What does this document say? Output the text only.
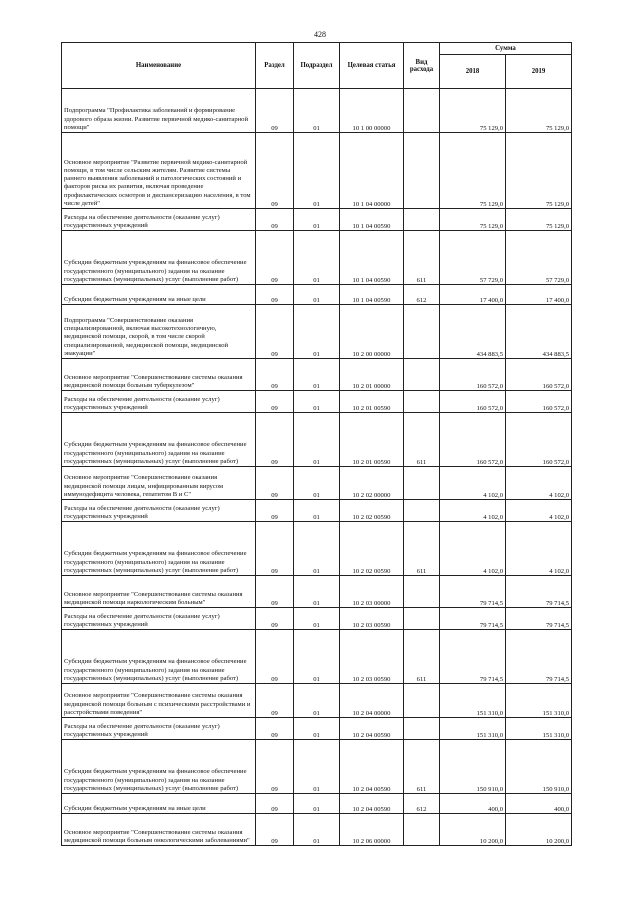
428
Наименование	Раздел	Подраздел	Целевая статья	Вид расхода	Сумма	
					2018	2019
Подпрограмма "Профилактика заболеваний и формирование здорового образа жизни. Развитие первичной медико-санитарной помощи"	09	01	10 1 00 00000		75 129,0	75 129,0
Основное мероприятие "Развитие первичной медико-санитарной помощи, в том числе сельским жителям. Развитие системы раннего выявления заболеваний и патологических состояний и факторов риска их развития, включая проведение профилактических осмотров и диспансеризацию населения, в том числе детей"	09	01	10 1 04 00000		75 129,0	75 129,0
Расходы на обеспечение деятельности (оказание услуг) государственных учреждений	09	01	10 1 04 00590		75 129,0	75 129,0
Субсидии бюджетным учреждениям на финансовое обеспечение государственного (муниципального) задания на оказание государственных (муниципальных) услуг (выполнение работ)	09	01	10 1 04 00590	611	57 729,0	57 729,0
Субсидии бюджетным учреждениям на иные цели	09	01	10 1 04 00590	612	17 400,0	17 400,0
Подпрограмма "Совершенствование оказания специализированной, включая высокотехнологичную, медицинской помощи, скорой, в том числе скорой специализированной, медицинской помощи, медицинской эвакуации"	09	01	10 2 00 00000		434 883,5	434 883,5
Основное мероприятие "Совершенствование системы оказания медицинской помощи больным туберкулезом"	09	01	10 2 01 00000		160 572,0	160 572,0
Расходы на обеспечение деятельности (оказание услуг) государственных учреждений	09	01	10 2 01 00590		160 572,0	160 572,0
Субсидии бюджетным учреждениям на финансовое обеспечение государственного (муниципального) задания на оказание государственных (муниципальных) услуг (выполнение работ)	09	01	10 2 01 00590	611	160 572,0	160 572,0
Основное мероприятие "Совершенствование оказания медицинской помощи лицам, инфицированным вирусом иммунодефицита человека, гепатитом В и С"	09	01	10 2 02 00000		4 102,0	4 102,0
Расходы на обеспечение деятельности (оказание услуг) государственных учреждений	09	01	10 2 02 00590		4 102,0	4 102,0
Субсидии бюджетным учреждениям на финансовое обеспечение государственного (муниципального) задания на оказание государственных (муниципальных) услуг (выполнение работ)	09	01	10 2 02 00590	611	4 102,0	4 102,0
Основное мероприятие "Совершенствование системы оказания медицинской помощи наркологическим больным"	09	01	10 2 03 00000		79 714,5	79 714,5
Расходы на обеспечение деятельности (оказание услуг) государственных учреждений	09	01	10 2 03 00590		79 714,5	79 714,5
Субсидии бюджетным учреждениям на финансовое обеспечение государственного (муниципального) задания на оказание государственных (муниципальных) услуг (выполнение работ)	09	01	10 2 03 00590	611	79 714,5	79 714,5
Основное мероприятие "Совершенствование системы оказания медицинской помощи больным с психическими расстройствами и расстройствами поведения"	09	01	10 2 04 00000		151 310,0	151 310,0
Расходы на обеспечение деятельности (оказание услуг) государственных учреждений	09	01	10 2 04 00590		151 310,0	151 310,0
Субсидии бюджетным учреждениям на финансовое обеспечение государственного (муниципального) задания на оказание государственных (муниципальных) услуг (выполнение работ)	09	01	10 2 04 00590	611	150 910,0	150 910,0
Субсидии бюджетным учреждениям на иные цели	09	01	10 2 04 00590	612	400,0	400,0
Основное мероприятие "Совершенствование системы оказания медицинской помощи больным онкологическими заболеваниями"	09	01	10 2 06 00000		10 200,0	10 200,0
